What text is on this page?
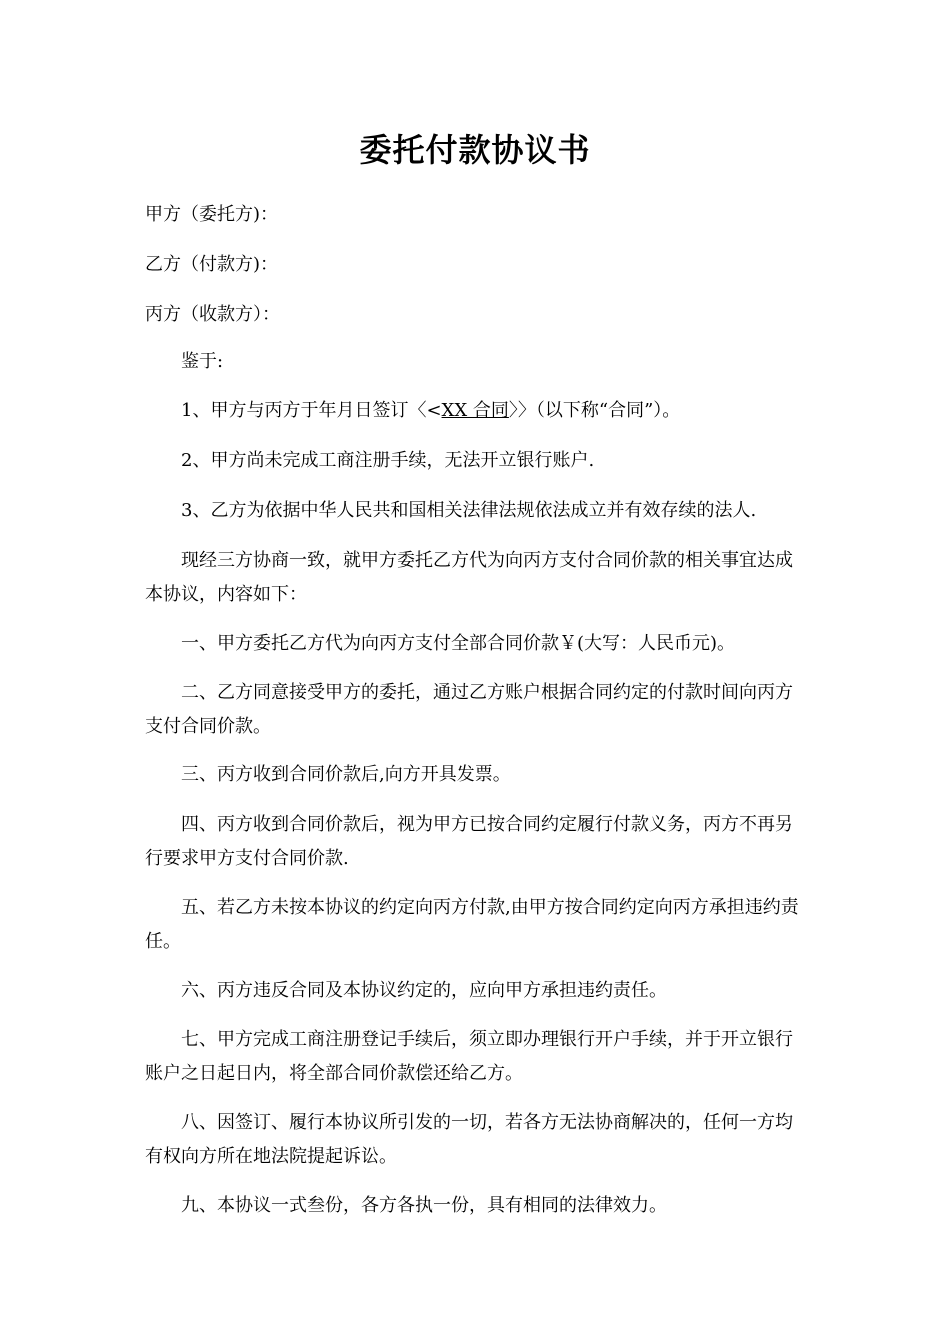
委托付款协议书
甲方（委托方)：
乙方（付款方)：
丙方（收款方）：
鉴于:
1、甲方与丙方于年月日签订〈<XX 合同〉〉（以下称“合同”）。
2、甲方尚未完成工商注册手续，无法开立银行账户.
3、乙方为依据中华人民共和国相关法律法规依法成立并有效存续的法人.
现经三方协商一致，就甲方委托乙方代为向丙方支付合同价款的相关事宜达成本协议，内容如下：
一、甲方委托乙方代为向丙方支付全部合同价款￥(大写：人民币元)。
二、乙方同意接受甲方的委托，通过乙方账户根据合同约定的付款时间向丙方支付合同价款。
三、丙方收到合同价款后,向方开具发票。
四、丙方收到合同价款后，视为甲方已按合同约定履行付款义务，丙方不再另行要求甲方支付合同价款.
五、若乙方未按本协议的约定向丙方付款,由甲方按合同约定向丙方承担违约责任。
六、丙方违反合同及本协议约定的，应向甲方承担违约责任。
七、甲方完成工商注册登记手续后，须立即办理银行开户手续，并于开立银行账户之日起日内，将全部合同价款偿还给乙方。
八、因签订、履行本协议所引发的一切，若各方无法协商解决的，任何一方均有权向方所在地法院提起诉讼。
九、本协议一式叁份，各方各执一份，具有相同的法律效力。
